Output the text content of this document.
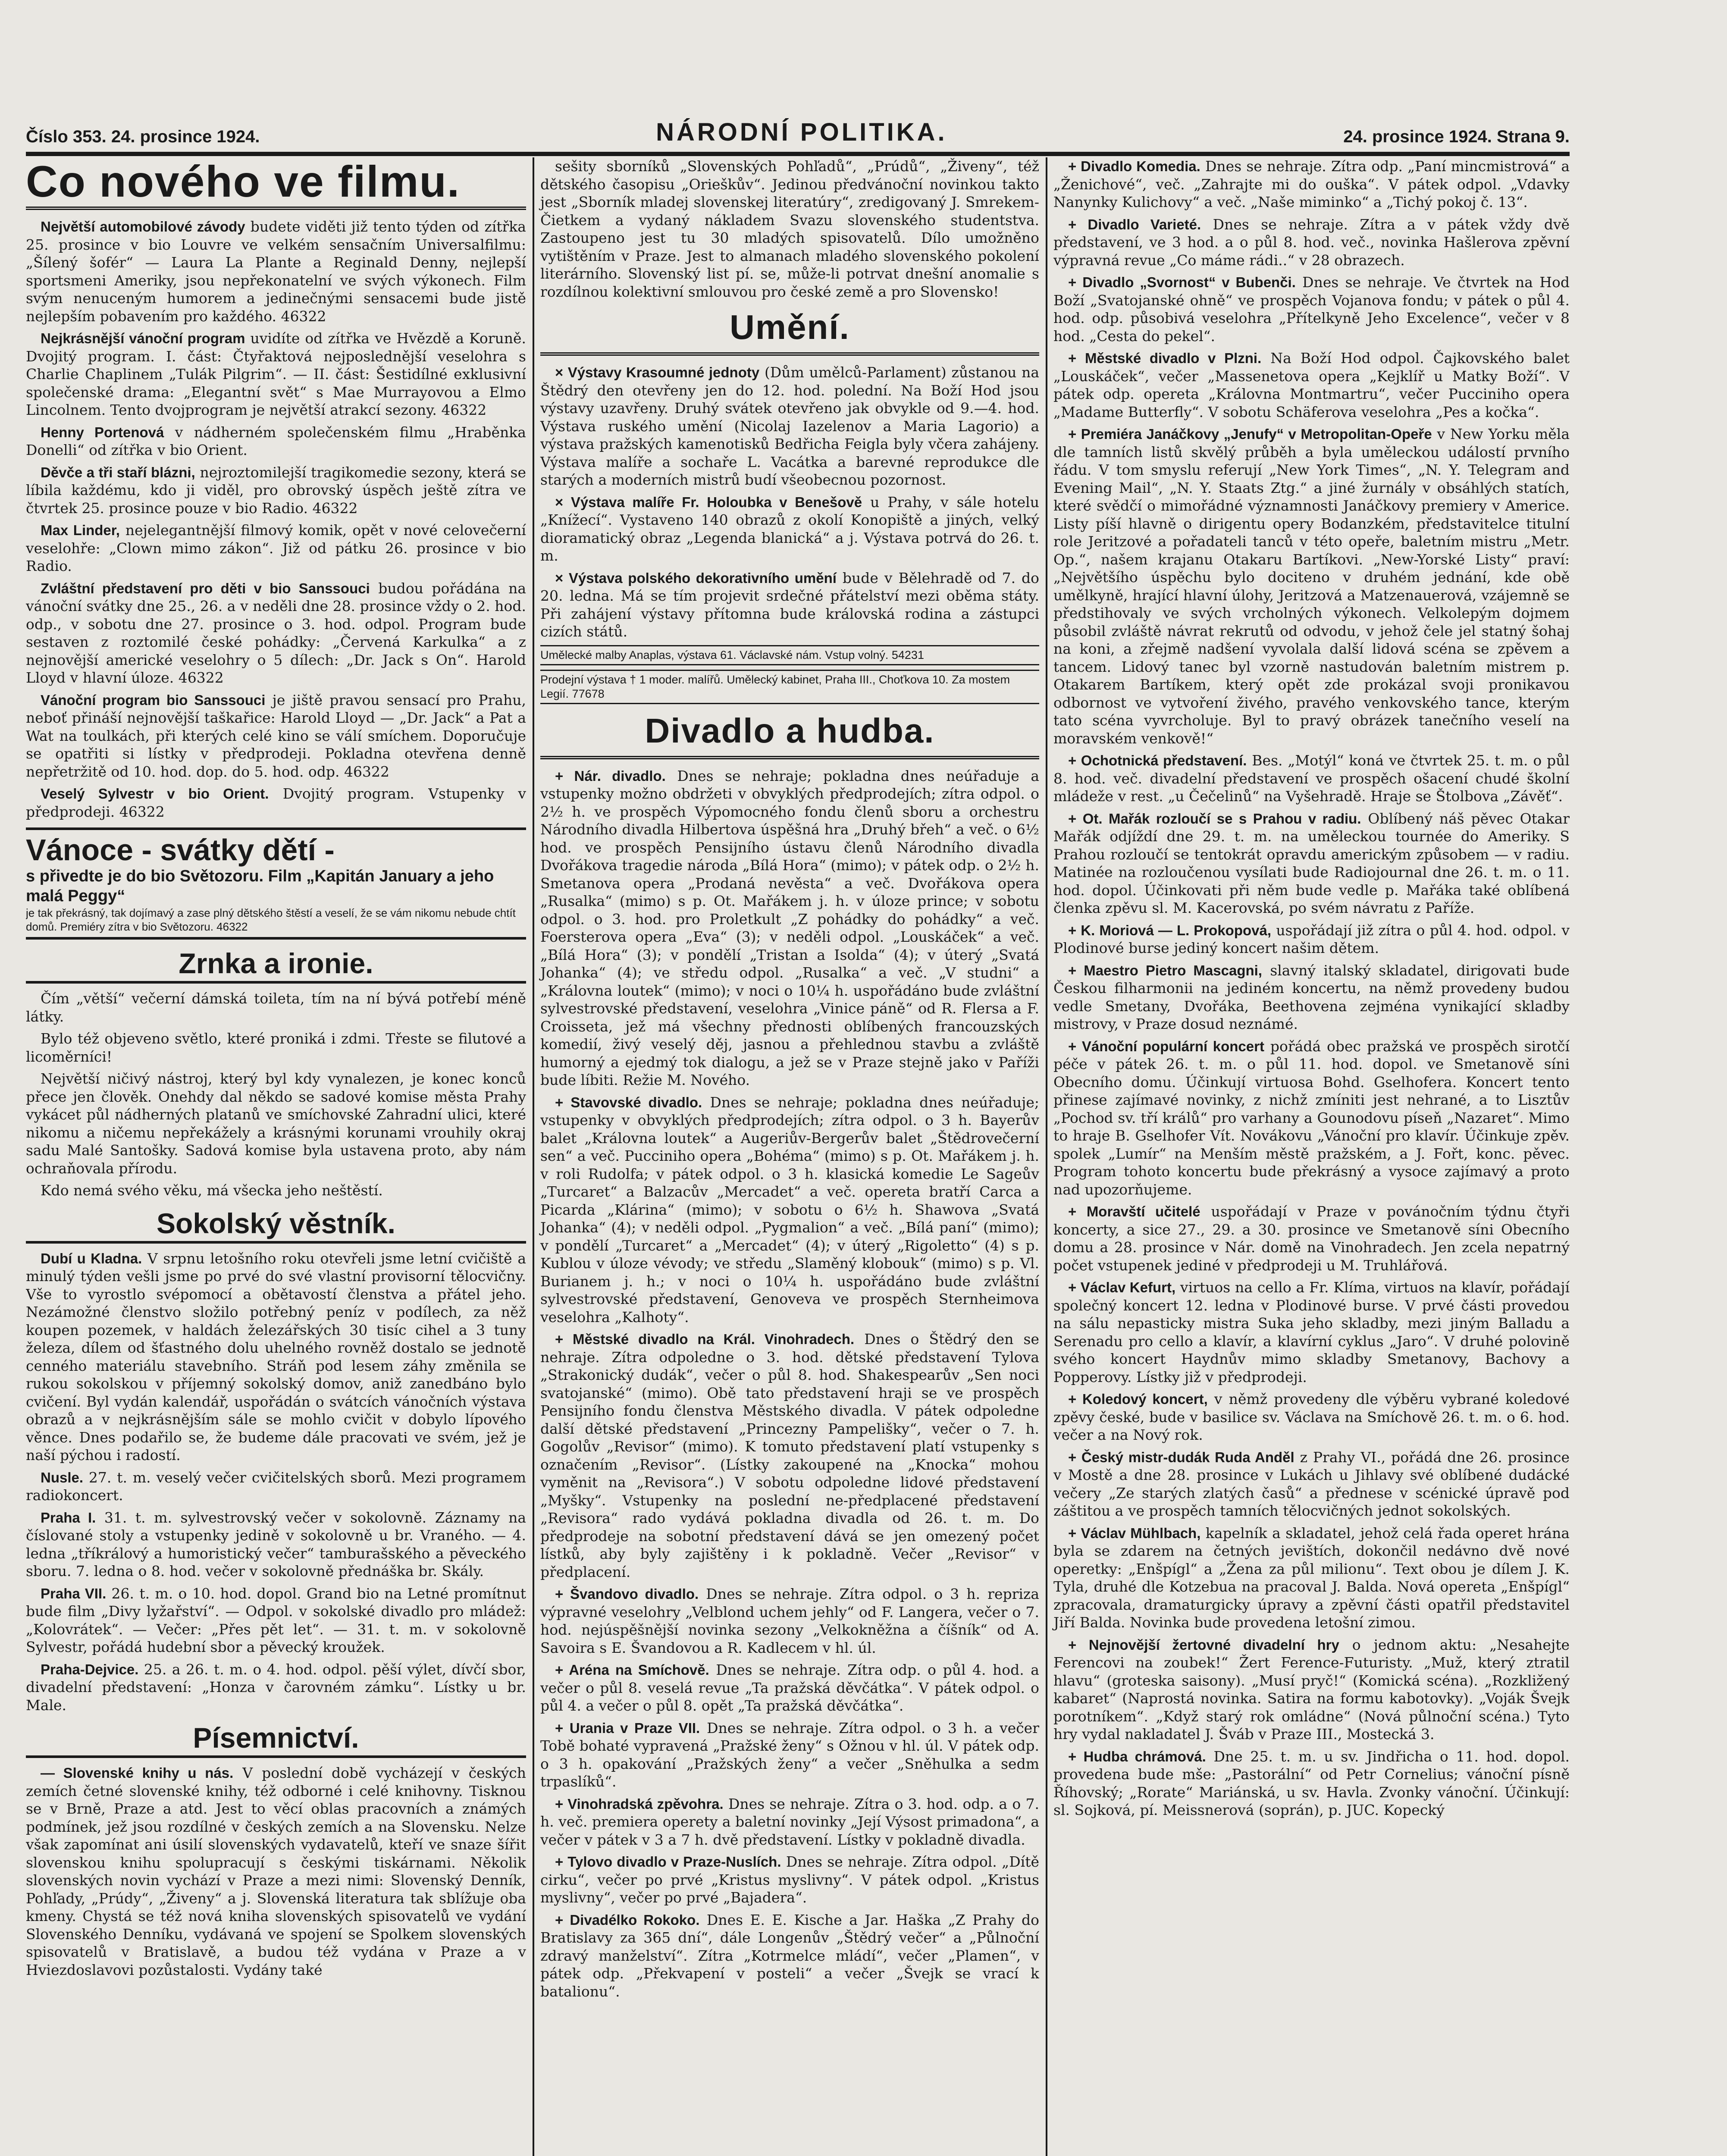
Číslo 353. 24. prosince 1924.	NÁRODNÍ POLITIKA.	24. prosince 1924. Strana 9.
Co nového ve filmu.

Největší automobilové závody budete viděti již tento týden od zítřka 25. prosince v bio Louvre ve velkém sensačním Universalfilmu: „Šílený šofér“ — Laura La Plante a Reginald Denny, nejlepší sportsmeni Ameriky, jsou nepřekonatelní ve svých výkonech. Film svým nenuceným humorem a jedinečnými sensacemi bude jistě nejlepším pobavením pro každého. 46322

Nejkrásnější vánoční program uvidíte od zítřka ve Hvězdě a Koruně. Dvojitý program. I. část: Čtyřaktová nejposlednější veselohra s Charlie Chaplinem „Tulák Pilgrim“. — II. část: Šestidílné exklusivní společenské drama: „Elegantní svět“ s Mae Murrayovou a Elmo Lincolnem. Tento dvojprogram je největší atrakcí sezony. 46322

Henny Portenová v nádherném společenském filmu „Hraběnka Donelli“ od zítřka v bio Orient.

Děvče a tři staří blázni, nejroztomilejší tragikomedie sezony, která se líbila každému, kdo ji viděl, pro obrovský úspěch ještě zítra ve čtvrtek 25. prosince pouze v bio Radio. 46322

Max Linder, nejelegantnější filmový komik, opět v nové celovečerní veselohře: „Clown mimo zákon“. Již od pátku 26. prosince v bio Radio.

Zvláštní představení pro děti v bio Sanssouci budou pořádána na vánoční svátky dne 25., 26. a v neděli dne 28. prosince vždy o 2. hod. odp., v sobotu dne 27. prosince o 3. hod. odpol. Program bude sestaven z roztomilé české pohádky: „Červená Karkulka“ a z nejnovější americké veselohry o 5 dílech: „Dr. Jack s On“. Harold Lloyd v hlavní úloze. 46322

Vánoční program bio Sanssouci je jiště pravou sensací pro Prahu, neboť přináší nejnovější taškařice: Harold Lloyd — „Dr. Jack“ a Pat a Wat na toulkách, při kterých celé kino se válí smíchem. Doporučuje se opatřiti si lístky v předprodeji. Pokladna otevřena denně nepřetržitě od 10. hod. dop. do 5. hod. odp. 46322

Veselý Sylvestr v bio Orient. Dvojitý program. Vstupenky v předprodeji. 46322

Vánoce - svátky dětí -
s přivedte je do bio Světozoru. Film „Kapitán January a jeho malá Peggy“
je tak překrásný, tak dojímavý a zase plný dětského štěstí a veselí, že se vám nikomu nebude chtít domů. Premiéry zítra v bio Světozoru. 46322
Zrnka a ironie.

Čím „větší“ večerní dámská toileta, tím na ní bývá potřebí méně látky.

Bylo též objeveno světlo, které proniká i zdmi. Třeste se filutové a licoměrníci!

Největší ničivý nástroj, který byl kdy vynalezen, je konec konců přece jen člověk. Onehdy dal někdo se sadové komise města Prahy vykácet půl nádherných platanů ve smíchovské Zahradní ulici, které nikomu a ničemu nepřekážely a krásnými korunami vrouhily okraj sadu Malé Santošky. Sadová komise byla ustavena proto, aby nám ochraňovala přírodu.

Kdo nemá svého věku, má všecka jeho neštěstí.

Sokolský věstník.

Dubí u Kladna. V srpnu letošního roku otevřeli jsme letní cvičiště a minulý týden vešli jsme po prvé do své vlastní provisorní tělocvičny. Vše to vyrostlo svépomocí a obětavostí členstva a přátel jeho. Nezámožné členstvo složilo potřebný peníz v podílech, za něž koupen pozemek, v haldách železářských 30 tisíc cihel a 3 tuny železa, dílem od šťastného dolu uhelného rovněž dostalo se jednotě cenného materiálu stavebního. Stráň pod lesem záhy změnila se rukou sokolskou v příjemný sokolský domov, aniž zanedbáno bylo cvičení. Byl vydán kalendář, uspořádán o svátcích vánočních výstava obrazů a v nejkrásnějším sále se mohlo cvičit v dobylo lípového věnce. Dnes podařilo se, že budeme dále pracovati ve svém, jež je naší pýchou i radostí.

Nusle. 27. t. m. veselý večer cvičitelských sborů. Mezi programem radiokoncert.

Praha I. 31. t. m. sylvestrovský večer v sokolovně. Záznamy na číslované stoly a vstupenky jedině v sokolovně u br. Vraného. — 4. ledna „tříkrálový a humoristický večer“ tamburašského a pěveckého sboru. 7. ledna o 8. hod. večer v sokolovně přednáška br. Skály.

Praha VII. 26. t. m. o 10. hod. dopol. Grand bio na Letné promítnut bude film „Divy lyžařství“. — Odpol. v sokolské divadlo pro mládež: „Kolovrátek“. — Večer: „Přes pět let“. — 31. t. m. v sokolovně Sylvestr, pořádá hudební sbor a pěvecký kroužek.

Praha-Dejvice. 25. a 26. t. m. o 4. hod. odpol. pěší výlet, dívčí sbor, divadelní představení: „Honza v čarovném zámku“. Lístky u br. Male.

Písemnictví.

— Slovenské knihy u nás. V poslední době vycházejí v českých zemích četné slovenské knihy, též odborné i celé knihovny. Tisknou se v Brně, Praze a atd. Jest to věcí oblas pracovních a známých podmínek, jež jsou rozdílné v českých zemích a na Slovensku. Nelze však zapomínat ani úsilí slovenských vydavatelů, kteří ve snaze šířit slovenskou knihu spolupracují s českými tiskárnami. Několik slovenských novin vychází v Praze a mezi nimi: Slovenský Denník, Pohľady, „Prúdy“, „Živeny“ a j. Slovenská literatura tak sblížuje oba kmeny. Chystá se též nová kniha slovenských spisovatelů ve vydání Slovenského Denníku, vydávaná ve spojení se Spolkem slovenských spisovatelů v Bratislavě, a budou též vydána v Praze a v Hviezdoslavovi pozůstalosti. Vydány také

sešity sborníků „Slovenských Pohľadů“, „Prúdů“, „Živeny“, též dětského časopisu „Orieškův“. Jedinou předvánoční novinkou takto jest „Sborník mladej slovenskej literatúry“, zredigovaný J. Smrekem-Čietkem a vydaný nákladem Svazu slovenského studentstva. Zastoupeno jest tu 30 mladých spisovatelů. Dílo umožněno vytištěním v Praze. Jest to almanach mladého slovenského pokolení literárního. Slovenský list pí. se, může-li potrvat dnešní anomalie s rozdílnou kolektivní smlouvou pro české země a pro Slovensko!

Umění.

× Výstavy Krasoumné jednoty (Dům umělců-Parlament) zůstanou na Štědrý den otevřeny jen do 12. hod. polední. Na Boží Hod jsou výstavy uzavřeny. Druhý svátek otevřeno jak obvykle od 9.—4. hod. Výstava ruského umění (Nicolaj Iazelenov a Maria Lagorio) a výstava pražských kamenotisků Bedřicha Feigla byly včera zahájeny. Výstava malíře a sochaře L. Vacátka a barevné reprodukce dle starých a moderních mistrů budí všeobecnou pozornost.

× Výstava malíře Fr. Holoubka v Benešově u Prahy, v sále hotelu „Knížecí“. Vystaveno 140 obrazů z okolí Konopiště a jiných, velký dioramatický obraz „Legenda blanická“ a j. Výstava potrvá do 26. t. m.

× Výstava polského dekorativního umění bude v Bělehradě od 7. do 20. ledna. Má se tím projevit srdečné přátelství mezi oběma státy. Při zahájení výstavy přítomna bude královská rodina a zástupci cizích států.

Umělecké malby Anaplas, výstava 61. Václavské nám. Vstup volný. 54231
Prodejní výstava † 1 moder. malířů. Umělecký kabinet, Praha III., Choťkova 10. Za mostem Legií. 77678
Divadlo a hudba.

+ Nár. divadlo. Dnes se nehraje; pokladna dnes neúřaduje a vstupenky možno obdržeti v obvyklých předprodejích; zítra odpol. o 2½ h. ve prospěch Výpomocného fondu členů sboru a orchestru Národního divadla Hilbertova úspěšná hra „Druhý břeh“ a več. o 6½ hod. ve prospěch Pensijního ústavu členů Národního divadla Dvořákova tragedie národa „Bílá Hora“ (mimo); v pátek odp. o 2½ h. Smetanova opera „Prodaná nevěsta“ a več. Dvořákova opera „Rusalka“ (mimo) s p. Ot. Mařákem j. h. v úloze prince; v sobotu odpol. o 3. hod. pro Proletkult „Z pohádky do pohádky“ a več. Foersterova opera „Eva“ (3); v neděli odpol. „Louskáček“ a več. „Bílá Hora“ (3); v pondělí „Tristan a Isolda“ (4); v úterý „Svatá Johanka“ (4); ve středu odpol. „Rusalka“ a več. „V studni“ a „Královna loutek“ (mimo); v noci o 10¼ h. uspořádáno bude zvláštní sylvestrovské představení, veselohra „Vinice páně“ od R. Flersa a F. Croisseta, jež má všechny přednosti oblíbených francouzských komedií, živý veselý děj, jasnou a přehlednou stavbu a zvláště humorný a ejedmý tok dialogu, a jež se v Praze stejně jako v Paříži bude líbiti. Režie M. Nového.

+ Stavovské divadlo. Dnes se nehraje; pokladna dnes neúřaduje; vstupenky v obvyklých předprodejích; zítra odpol. o 3 h. Bayerův balet „Královna loutek“ a Augeriův-Bergerův balet „Štědrovečerní sen“ a več. Pucciniho opera „Bohéma“ (mimo) s p. Ot. Mařákem j. h. v roli Rudolfa; v pátek odpol. o 3 h. klasická komedie Le Sageův „Turcaret“ a Balzacův „Mercadet“ a več. opereta bratří Carca a Picarda „Klárina“ (mimo); v sobotu o 6½ h. Shawova „Svatá Johanka“ (4); v neděli odpol. „Pygmalion“ a več. „Bílá paní“ (mimo); v pondělí „Turcaret“ a „Mercadet“ (4); v úterý „Rigoletto“ (4) s p. Kublou v úloze vévody; ve středu „Slaměný klobouk“ (mimo) s p. Vl. Burianem j. h.; v noci o 10¼ h. uspořádáno bude zvláštní sylvestrovské představení, Genoveva ve prospěch Sternheimova veselohra „Kalhoty“.

+ Městské divadlo na Král. Vinohradech. Dnes o Štědrý den se nehraje. Zítra odpoledne o 3. hod. dětské představení Tylova „Strakonický dudák“, večer o půl 8. hod. Shakespearův „Sen noci svatojanské“ (mimo). Obě tato představení hraji se ve prospěch Pensijního fondu členstva Městského divadla. V pátek odpoledne další dětské představení „Princezny Pampelišky“, večer o 7. h. Gogolův „Revisor“ (mimo). K tomuto představení platí vstupenky s označením „Revisor“. (Lístky zakoupené na „Knocka“ mohou vyměnit na „Revisora“.) V sobotu odpoledne lidové představení „Myšky“. Vstupenky na poslední ne-předplacené představení „Revisora“ rado vydává pokladna divadla od 26. t. m. Do předprodeje na sobotní představení dává se jen omezený počet lístků, aby byly zajištěny i k pokladně. Večer „Revisor“ v předplacení.

+ Švandovo divadlo. Dnes se nehraje. Zítra odpol. o 3 h. repriza výpravné veselohry „Velblond uchem jehly“ od F. Langera, večer o 7. hod. nejúspěšnější novinka sezony „Velkokněžna a číšník“ od A. Savoira s E. Švandovou a R. Kadlecem v hl. úl.

+ Aréna na Smíchově. Dnes se nehraje. Zítra odp. o půl 4. hod. a večer o půl 8. veselá revue „Ta pražská děvčátka“. V pátek odpol. o půl 4. a večer o půl 8. opět „Ta pražská děvčátka“.

+ Urania v Praze VII. Dnes se nehraje. Zítra odpol. o 3 h. a večer Tobě bohaté vypravená „Pražské ženy“ s Ožnou v hl. úl. V pátek odp. o 3 h. opakování „Pražských ženy“ a večer „Sněhulka a sedm trpaslíků“.

+ Vinohradská zpěvohra. Dnes se nehraje. Zítra o 3. hod. odp. a o 7. h. več. premiera operety a baletní novinky „Její Výsost primadona“, a večer v pátek v 3 a 7 h. dvě představení. Lístky v pokladně divadla.

+ Tylovo divadlo v Praze-Nuslích. Dnes se nehraje. Zítra odpol. „Dítě cirku“, večer po prvé „Kristus myslivny“. V pátek odpol. „Kristus myslivny“, večer po prvé „Bajadera“.

+ Divadélko Rokoko. Dnes E. E. Kische a Jar. Haška „Z Prahy do Bratislavy za 365 dní“, dále Longenův „Štědrý večer“ a „Půlnoční zdravý manželství“. Zítra „Kotrmelce mládí“, večer „Plamen“, v pátek odp. „Překvapení v posteli“ a večer „Švejk se vrací k batalionu“.

+ Divadlo Komedia. Dnes se nehraje. Zítra odp. „Paní mincmistrová“ a „Ženichové“, več. „Zahrajte mi do ouška“. V pátek odpol. „Vdavky Nanynky Kulichovy“ a več. „Naše miminko“ a „Tichý pokoj č. 13“.

+ Divadlo Varieté. Dnes se nehraje. Zítra a v pátek vždy dvě představení, ve 3 hod. a o půl 8. hod. več., novinka Hašlerova zpěvní výpravná revue „Co máme rádi..“ v 28 obrazech.

+ Divadlo „Svornost“ v Bubenči. Dnes se nehraje. Ve čtvrtek na Hod Boží „Svatojanské ohně“ ve prospěch Vojanova fondu; v pátek o půl 4. hod. odp. působivá veselohra „Přítelkyně Jeho Excelence“, večer v 8 hod. „Cesta do pekel“.

+ Městské divadlo v Plzni. Na Boží Hod odpol. Čajkovského balet „Louskáček“, večer „Massenetova opera „Kejklíř u Matky Boží“. V pátek odp. opereta „Královna Montmartru“, večer Pucciniho opera „Madame Butterfly“. V sobotu Schäferova veselohra „Pes a kočka“.

+ Premiéra Janáčkovy „Jenufy“ v Metropolitan-Opeře v New Yorku měla dle tamních listů skvělý průběh a byla uměleckou událostí prvního řádu. V tom smyslu referují „New York Times“, „N. Y. Telegram and Evening Mail“, „N. Y. Staats Ztg.“ a jiné žurnály v obsáhlých statích, které svědčí o mimořádné významnosti Janáčkovy premiery v Americe. Listy píší hlavně o dirigentu opery Bodanzkém, představitelce titulní role Jeritzové a pořadateli tanců v této opeře, baletním mistru „Metr. Op.“, našem krajanu Otakaru Bartíkovi. „New-Yorské Listy“ praví: „Největšího úspěchu bylo dociteno v druhém jednání, kde obě umělkyně, hrající hlavní úlohy, Jeritzová a Matzenauerová, vzájemně se předstihovaly ve svých vrcholných výkonech. Velkolepým dojmem působil zvláště návrat rekrutů od odvodu, v jehož čele jel statný šohaj na koni, a zřejmě nadšení vyvolala další lidová scéna se zpěvem a tancem. Lidový tanec byl vzorně nastudován baletním mistrem p. Otakarem Bartíkem, který opět zde prokázal svoji pronikavou odbornost ve vytvoření živého, pravého venkovského tance, kterým tato scéna vyvrcholuje. Byl to pravý obrázek tanečního veselí na moravském venkově!“

+ Ochotnická představení. Bes. „Motýl“ koná ve čtvrtek 25. t. m. o půl 8. hod. več. divadelní představení ve prospěch ošacení chudé školní mládeže v rest. „u Čečelinů“ na Vyšehradě. Hraje se Štolbova „Závěť“.

+ Ot. Mařák rozloučí se s Prahou v radiu. Oblíbený náš pěvec Otakar Mařák odjíždí dne 29. t. m. na uměleckou tournée do Ameriky. S Prahou rozloučí se tentokrát opravdu americkým způsobem — v radiu. Matinée na rozloučenou vysílati bude Radiojournal dne 26. t. m. o 11. hod. dopol. Účinkovati při něm bude vedle p. Mařáka také oblíbená členka zpěvu sl. M. Kacerovská, po svém návratu z Paříže.

+ K. Moriová — L. Prokopová, uspořádají již zítra o půl 4. hod. odpol. v Plodinové burse jediný koncert našim dětem.

+ Maestro Pietro Mascagni, slavný italský skladatel, dirigovati bude Českou filharmonii na jediném koncertu, na němž provedeny budou vedle Smetany, Dvořáka, Beethovena zejména vynikající skladby mistrovy, v Praze dosud neznámé.

+ Vánoční populární koncert pořádá obec pražská ve prospěch sirotčí péče v pátek 26. t. m. o půl 11. hod. dopol. ve Smetanově síni Obecního domu. Účinkují virtuosa Bohd. Gselhofera. Koncert tento přinese zajímavé novinky, z nichž zmíniti jest nehrané, a to Lisztův „Pochod sv. tří králů“ pro varhany a Gounodovu píseň „Nazaret“. Mimo to hraje B. Gselhofer Vít. Novákovu „Vánoční pro klavír. Účinkuje zpěv. spolek „Lumír“ na Menším městě pražském, a J. Fořt, konc. pěvec. Program tohoto koncertu bude překrásný a vysoce zajímavý a proto nad upozorňujeme.

+ Moravští učitelé uspořádají v Praze v povánočním týdnu čtyři koncerty, a sice 27., 29. a 30. prosince ve Smetanově síni Obecního domu a 28. prosince v Nár. domě na Vinohradech. Jen zcela nepatrný počet vstupenek jediné v předprodeji u M. Truhlářová.

+ Václav Kefurt, virtuos na cello a Fr. Klíma, virtuos na klavír, pořádají společný koncert 12. ledna v Plodinové burse. V prvé části provedou na sálu nepasticky mistra Suka jeho skladby, mezi jiným Balladu a Serenadu pro cello a klavír, a klavírní cyklus „Jaro“. V druhé polovině svého koncert Haydnův mimo skladby Smetanovy, Bachovy a Popperovy. Lístky již v předprodeji.

+ Koledový koncert, v němž provedeny dle výběru vybrané koledové zpěvy české, bude v basilice sv. Václava na Smíchově 26. t. m. o 6. hod. večer a na Nový rok.

+ Český mistr-dudák Ruda Anděl z Prahy VI., pořádá dne 26. prosince v Mostě a dne 28. prosince v Lukách u Jihlavy své oblíbené dudácké večery „Ze starých zlatých časů“ a přednese v scénické úpravě pod záštitou a ve prospěch tamních tělocvičných jednot sokolských.

+ Václav Mühlbach, kapelník a skladatel, jehož celá řada operet hrána byla se zdarem na četných jevištích, dokončil nedávno dvě nové operetky: „Enšpígl“ a „Žena za půl milionu“. Text obou je dílem J. K. Tyla, druhé dle Kotzebua na pracoval J. Balda. Nová opereta „Enšpígl“ zpracovala, dramaturgicky úpravy a zpěvní části opatřil představitel Jiří Balda. Novinka bude provedena letošní zimou.

+ Nejnovější žertovné divadelní hry o jednom aktu: „Nesahejte Ferencovi na zoubek!“ Žert Ference-Futuristy. „Muž, který ztratil hlavu“ (groteska saisony). „Musí pryč!“ (Komická scéna). „Rozkližený kabaret“ (Naprostá novinka. Satira na formu kabotovky). „Voják Švejk porotníkem“. „Když starý rok omládne“ (Nová půlnoční scéna.) Tyto hry vydal nakladatel J. Šváb v Praze III., Mostecká 3.

+ Hudba chrámová. Dne 25. t. m. u sv. Jindřicha o 11. hod. dopol. provedena bude mše: „Pastorální“ od Petr Cornelius; vánoční písně Říhovský; „Rorate“ Mariánská, u sv. Havla. Zvonky vánoční. Účinkují: sl. Sojková, pí. Meissnerová (soprán), p. JUC. Kopecký
